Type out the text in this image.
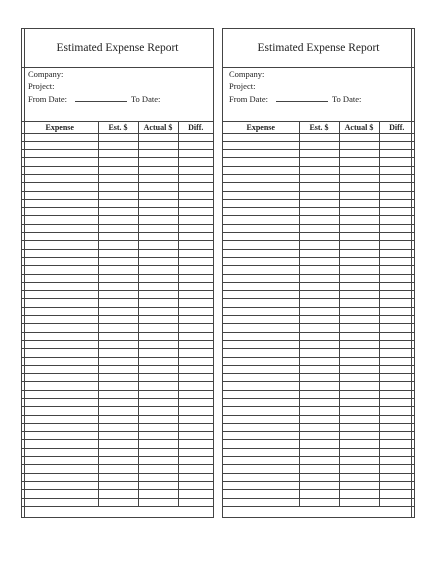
Estimated Expense Report
Company:
Project:
From Date:	To Date:
Expense	Est. $	Actual $	Diff.

Estimated Expense Report
Company:
Project:
From Date:	To Date:
Expense	Est. $	Actual $	Diff.
